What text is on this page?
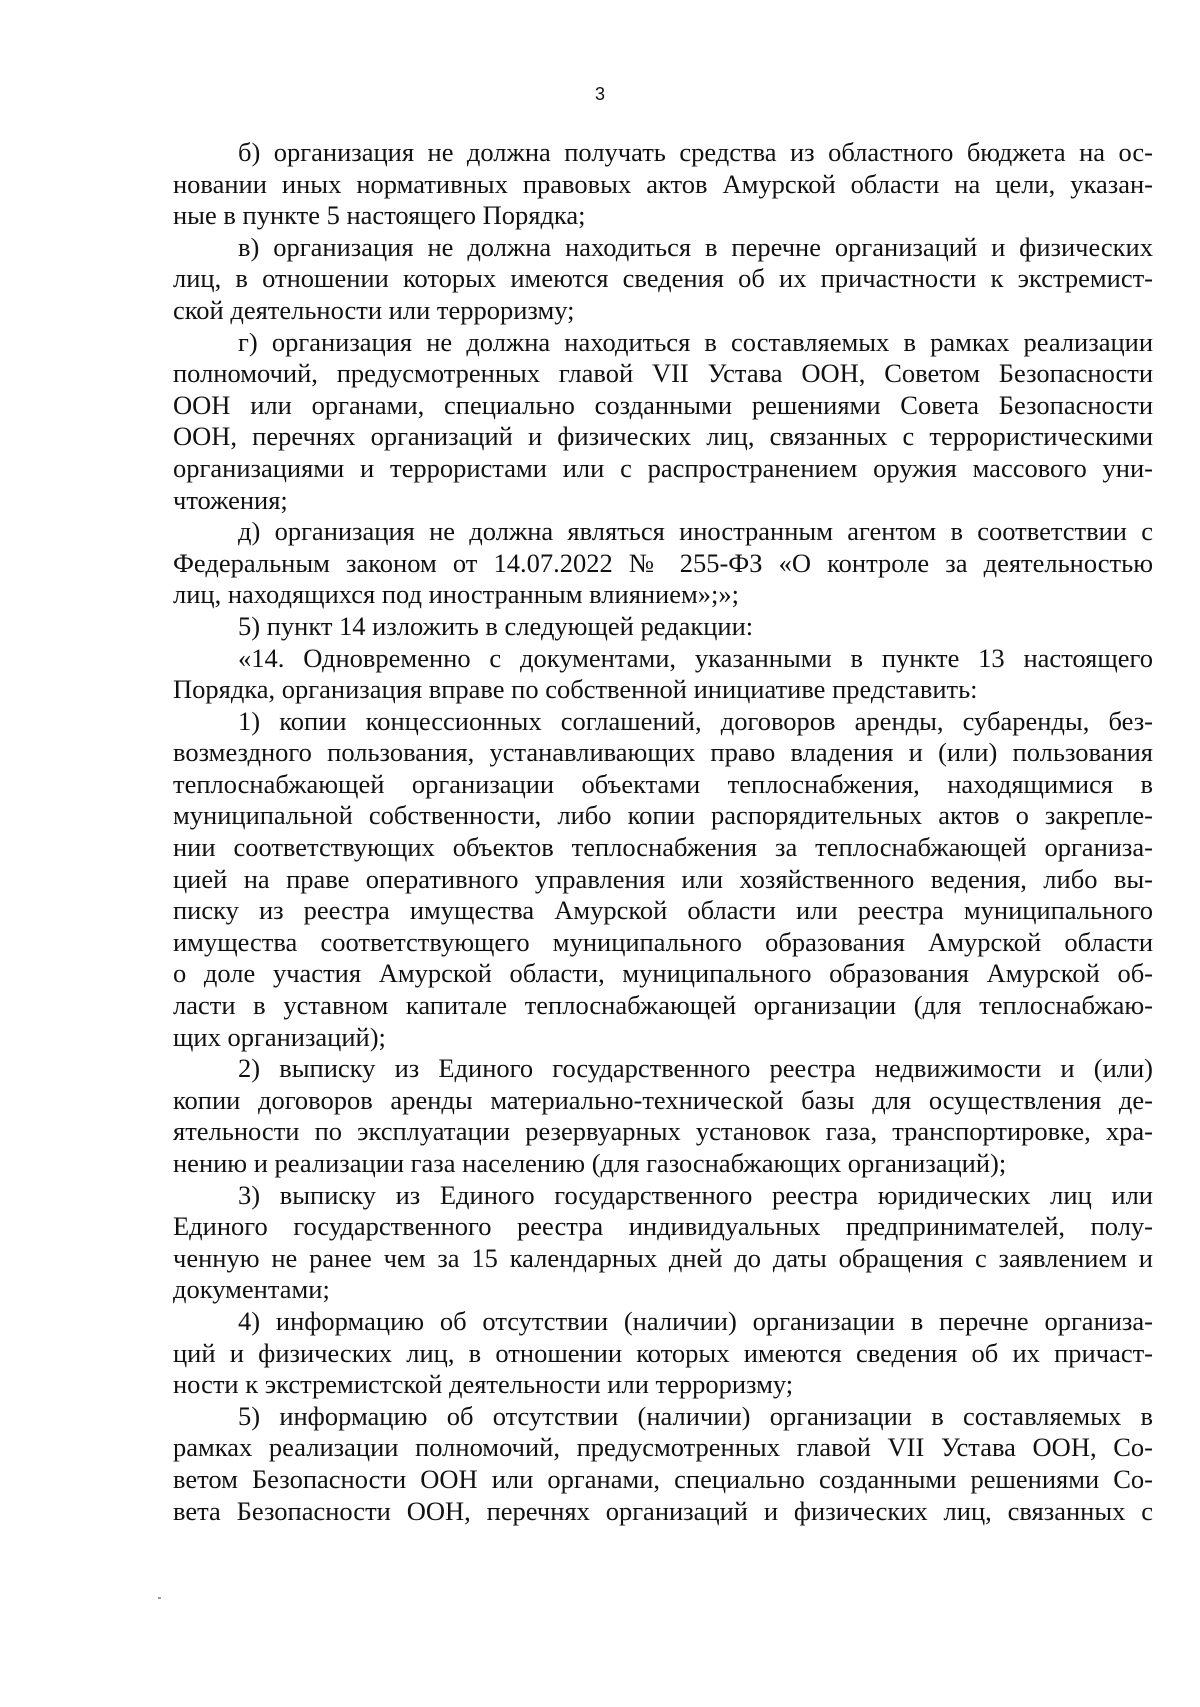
3
б) организация не должна получать средства из областного бюджета на ос-
новании иных нормативных правовых актов Амурской области на цели, указан-
ные в пункте 5 настоящего Порядка;
в) организация не должна находиться в перечне организаций и физических
лиц, в отношении которых имеются сведения об их причастности к экстремист-
ской деятельности или терроризму;
г) организация не должна находиться в составляемых в рамках реализации
полномочий, предусмотренных главой VII Устава ООН, Советом Безопасности
ООН или органами, специально созданными решениями Совета Безопасности
ООН, перечнях организаций и физических лиц, связанных с террористическими
организациями и террористами или с распространением оружия массового уни-
чтожения;
д) организация не должна являться иностранным агентом в соответствии с
Федеральным законом от 14.07.2022 № 255-ФЗ «О контроле за деятельностью
лиц, находящихся под иностранным влиянием»;»;
5) пункт 14 изложить в следующей редакции:
«14. Одновременно с документами, указанными в пункте 13 настоящего
Порядка, организация вправе по собственной инициативе представить:
1) копии концессионных соглашений, договоров аренды, субаренды, без-
возмездного пользования, устанавливающих право владения и (или) пользования
теплоснабжающей организации объектами теплоснабжения, находящимися в
муниципальной собственности, либо копии распорядительных актов о закрепле-
нии соответствующих объектов теплоснабжения за теплоснабжающей организа-
цией на праве оперативного управления или хозяйственного ведения, либо вы-
писку из реестра имущества Амурской области или реестра муниципального
имущества соответствующего муниципального образования Амурской области
о доле участия Амурской области, муниципального образования Амурской об-
ласти в уставном капитале теплоснабжающей организации (для теплоснабжаю-
щих организаций);
2) выписку из Единого государственного реестра недвижимости и (или)
копии договоров аренды материально-технической базы для осуществления де-
ятельности по эксплуатации резервуарных установок газа, транспортировке, хра-
нению и реализации газа населению (для газоснабжающих организаций);
3) выписку из Единого государственного реестра юридических лиц или
Единого государственного реестра индивидуальных предпринимателей, полу-
ченную не ранее чем за 15 календарных дней до даты обращения с заявлением и
документами;
4) информацию об отсутствии (наличии) организации в перечне организа-
ций и физических лиц, в отношении которых имеются сведения об их причаст-
ности к экстремистской деятельности или терроризму;
5) информацию об отсутствии (наличии) организации в составляемых в
рамках реализации полномочий, предусмотренных главой VII Устава ООН, Со-
ветом Безопасности ООН или органами, специально созданными решениями Со-
вета Безопасности ООН, перечнях организаций и физических лиц, связанных с
